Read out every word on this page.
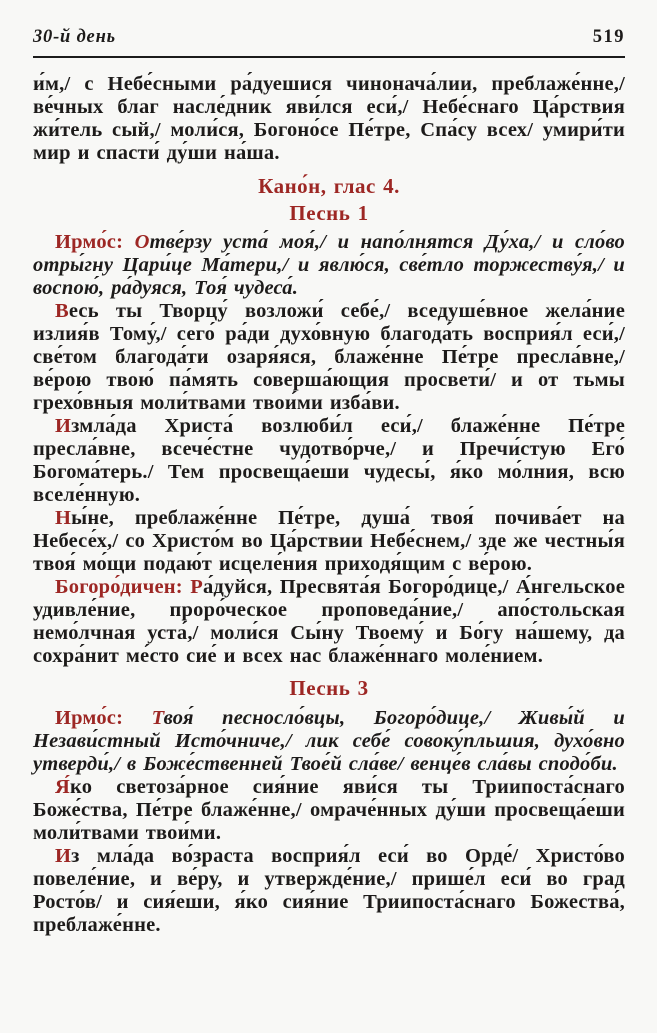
30-й день	519

и́м,/ с Небе́сными ра́дуешися чинонача́лии, преблаже́нне,/ ве́чных благ насле́дник яви́лся еси́,/ Небе́снаго Ца́рствия жи́тель сый,/ моли́ся, Богоно́се Пе́тре, Спа́су всех/ умири́ти мир и спасти́ ду́ши на́ша.

Кано́н, глас 4.

Песнь 1

Ирмо́с: Отве́рзу уста́ моя́,/ и напо́лнятся Ду́ха,/ и сло́во отры́гну Цари́це Ма́тери,/ и явлю́ся, све́тло торжеству́я,/ и воспою́, ра́дуяся, Тоя́ чудеса́.

Весь ты Творцу́ возложи́ себе́,/ вседуше́вное жела́ние излия́в Тому́,/ сего́ ра́ди духо́вную благода́ть восприя́л еси́,/ све́том благода́ти озаря́яся, блаже́нне Пе́тре пресла́вне,/ ве́рою твою́ па́мять соверша́ющия просвети́/ и от тьмы грехо́вныя моли́твами твои́ми изба́ви.

Измла́да Христа́ возлюби́л еси́,/ блаже́нне Пе́тре пресла́вне, всече́стне чудотво́рче,/ и Пречи́стую Его́ Богома́терь./ Тем просвеща́еши чудесы́, я́ко мо́лния, всю вселе́нную.

Ны́не, преблаже́нне Пе́тре, душа́ твоя́ почива́ет на Небесе́х,/ со Христо́м во Ца́рствии Небе́снем,/ зде же честны́я твоя́ мо́щи подаю́т исцеле́ния приходя́щим с ве́рою.

Богоро́дичен: Ра́дуйся, Пресвята́я Богоро́дице,/ А́нгельское удивле́ние, проро́ческое проповеда́ние,/ апо́стольская немо́лчная уста́,/ моли́ся Сы́ну Твоему́ и Бо́гу на́шему, да сохра́нит ме́сто сие́ и всех нас блаже́ннаго моле́нием.

Песнь 3

Ирмо́с: Твоя́ песносло́вцы, Богоро́дице,/ Живы́й и Незави́стный Исто́чниче,/ лик себе́ совоку́пльшия, духо́вно утверди́,/ в Боже́ственней Твое́й сла́ве/ венце́в сла́вы сподо́би.

Я́ко светоза́рное сия́ние яви́ся ты Триипоста́снаго Боже́ства, Пе́тре блаже́нне,/ омраче́нных ду́ши просвеща́еши моли́твами твои́ми.

Из мла́да во́зраста восприя́л еси́ во Орде́/ Христо́во повеле́ние, и ве́ру, и утвержде́ние,/ прише́л еси́ во град Росто́в/ и сия́еши, я́ко сия́ние Триипоста́снаго Божества́, преблаже́нне.
